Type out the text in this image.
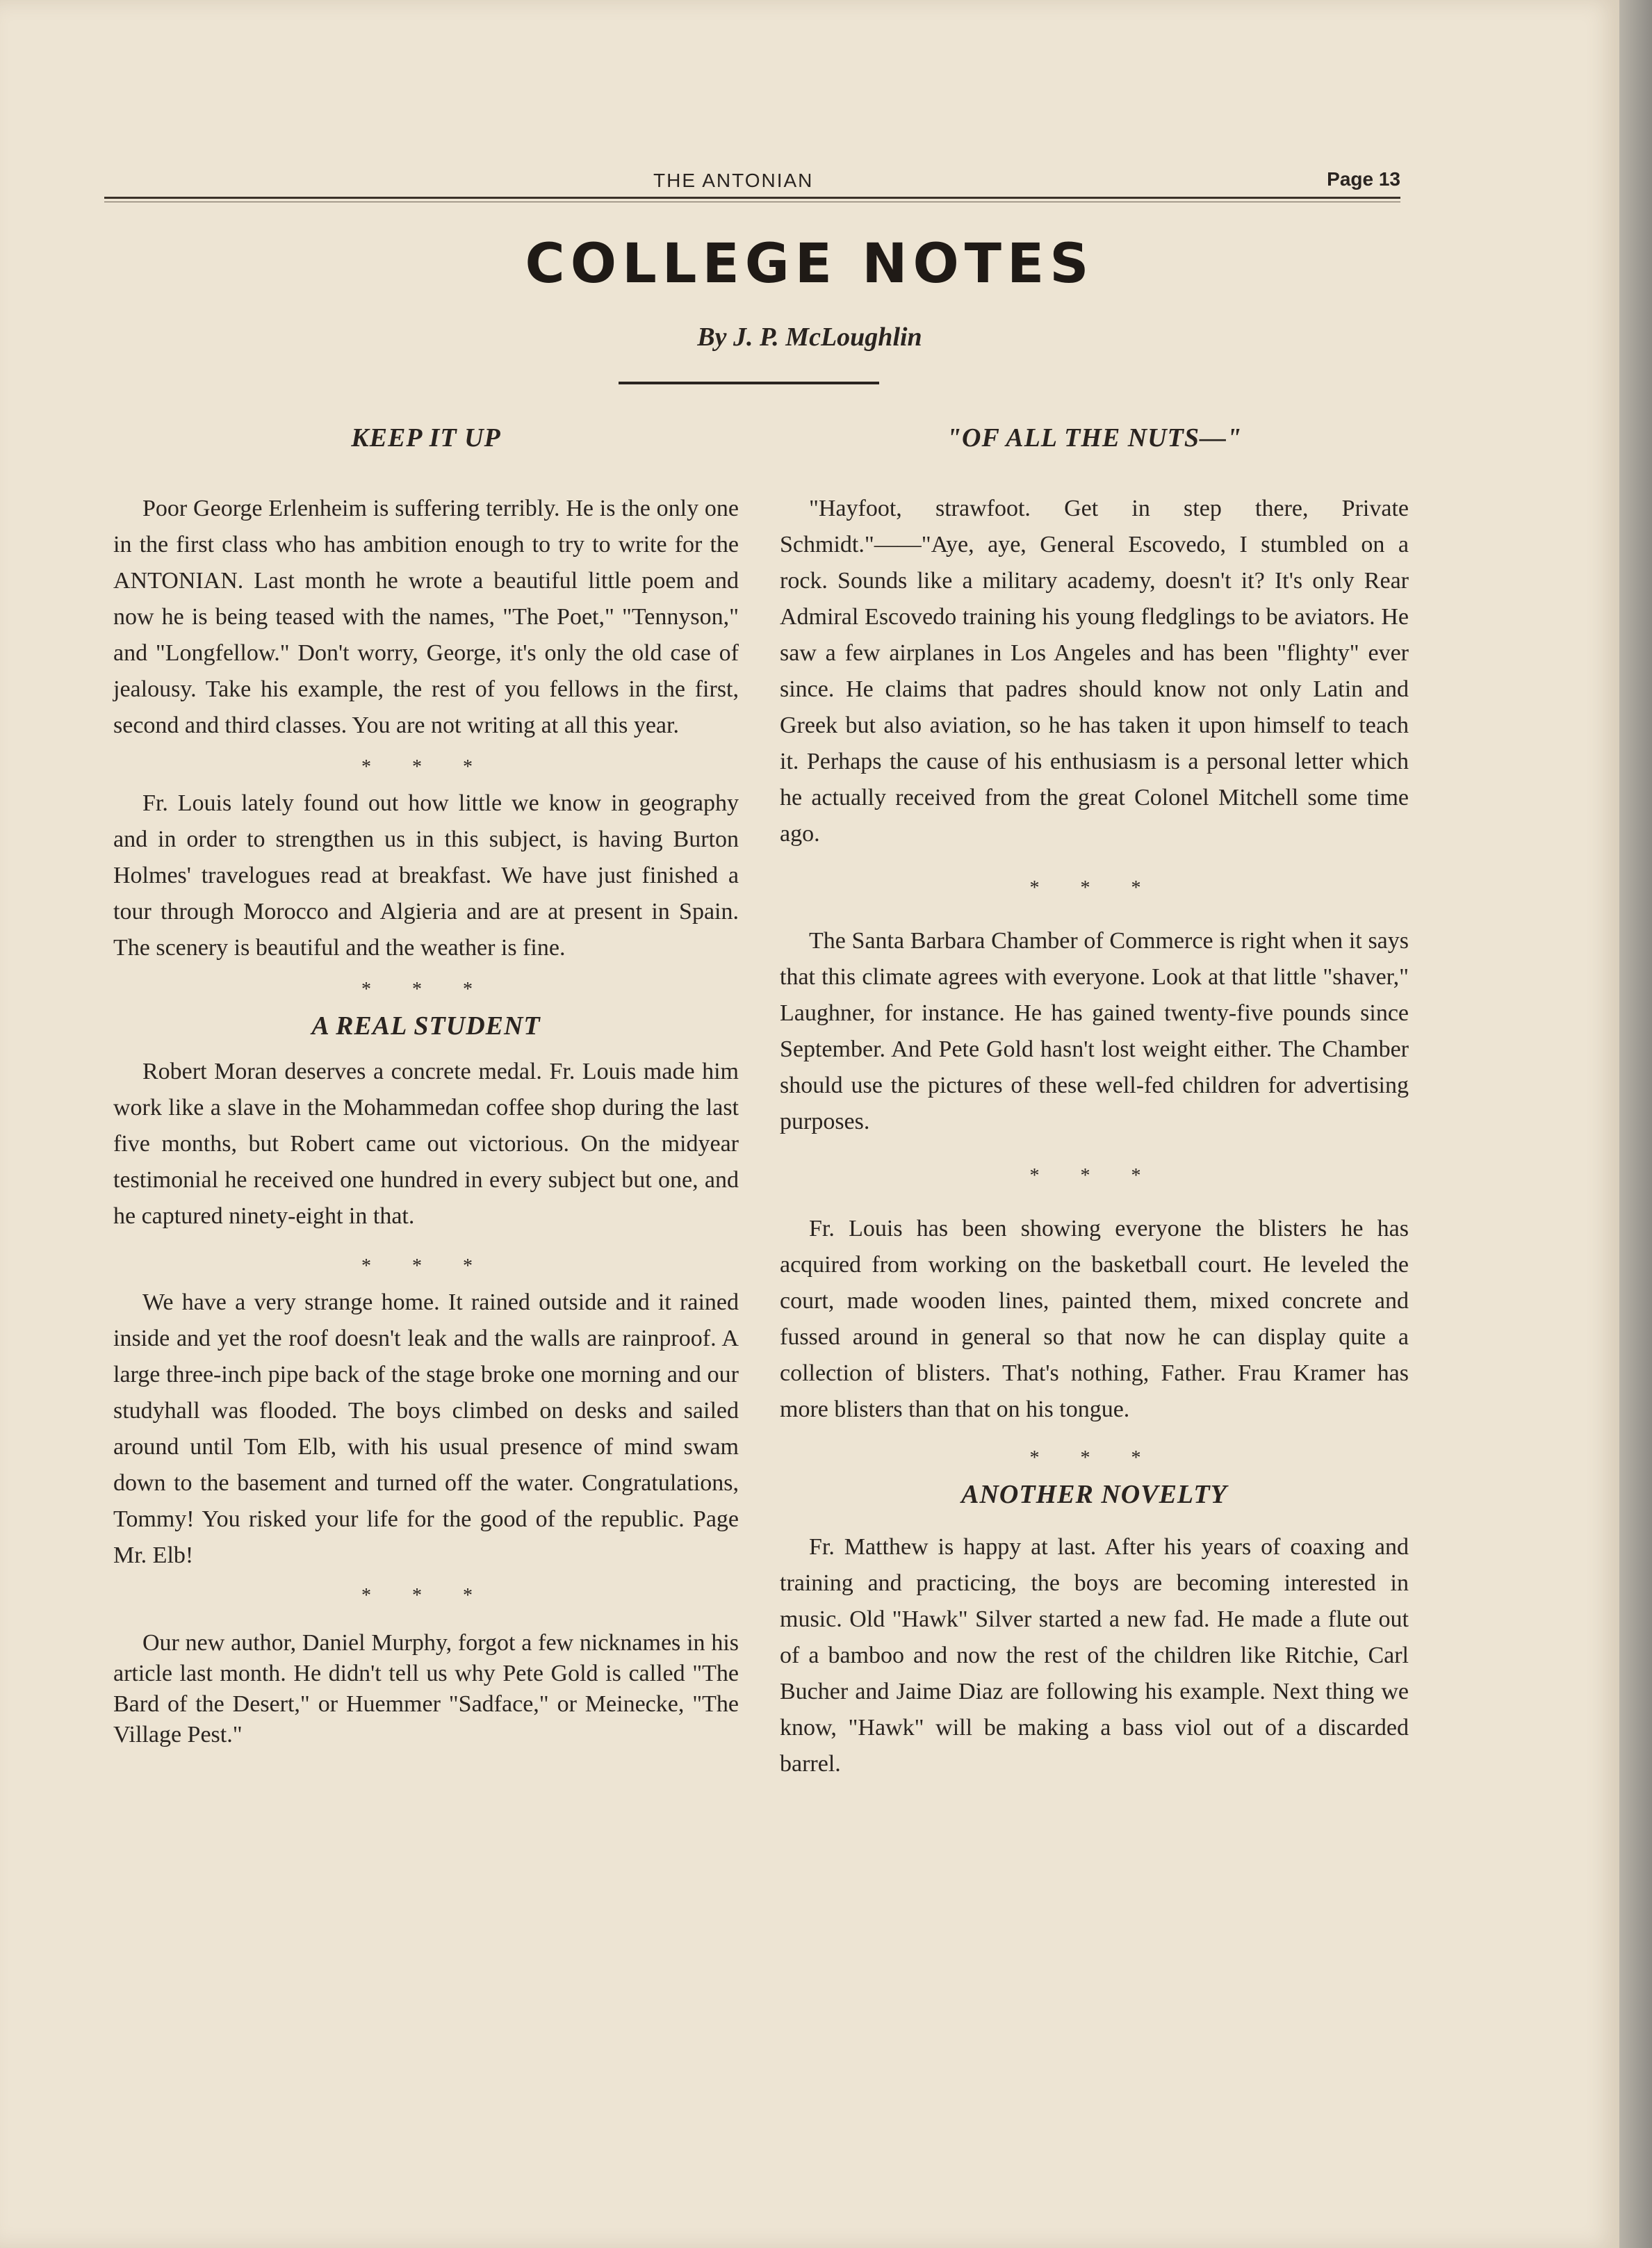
THE ANTONIAN	Page 13
COLLEGE NOTES
By J. P. McLoughlin
KEEP IT UP

Poor George Erlenheim is suffering terribly. He is the only one in the first class who has ambition enough to try to write for the ANTONIAN. Last month he wrote a beautiful little poem and now he is being teased with the names, "The Poet," "Tennyson," and "Longfellow." Don't worry, George, it's only the old case of jealousy. Take his example, the rest of you fellows in the first, second and third classes. You are not writing at all this year.

* * *

Fr. Louis lately found out how little we know in geography and in order to strengthen us in this subject, is having Burton Holmes' travelogues read at breakfast. We have just finished a tour through Morocco and Algieria and are at present in Spain. The scenery is beautiful and the weather is fine.

* * *
A REAL STUDENT

Robert Moran deserves a concrete medal. Fr. Louis made him work like a slave in the Mohammedan coffee shop during the last five months, but Robert came out victorious. On the midyear testimonial he received one hundred in every subject but one, and he captured ninety-eight in that.

* * *

We have a very strange home. It rained outside and it rained inside and yet the roof doesn't leak and the walls are rainproof. A large three-inch pipe back of the stage broke one morning and our studyhall was flooded. The boys climbed on desks and sailed around until Tom Elb, with his usual presence of mind swam down to the basement and turned off the water. Congratulations, Tommy! You risked your life for the good of the republic. Page Mr. Elb!

* * *

Our new author, Daniel Murphy, forgot a few nicknames in his article last month. He didn't tell us why Pete Gold is called "The Bard of the Desert," or Huemmer "Sadface," or Meinecke, "The Village Pest."

"OF ALL THE NUTS—"

"Hayfoot, strawfoot. Get in step there, Private Schmidt."——"Aye, aye, General Escovedo, I stumbled on a rock. Sounds like a military academy, doesn't it? It's only Rear Admiral Escovedo training his young fledglings to be aviators. He saw a few airplanes in Los Angeles and has been "flighty" ever since. He claims that padres should know not only Latin and Greek but also aviation, so he has taken it upon himself to teach it. Perhaps the cause of his enthusiasm is a personal letter which he actually received from the great Colonel Mitchell some time ago.

* * *

The Santa Barbara Chamber of Commerce is right when it says that this climate agrees with everyone. Look at that little "shaver," Laughner, for instance. He has gained twenty-five pounds since September. And Pete Gold hasn't lost weight either. The Chamber should use the pictures of these well-fed children for advertising purposes.

* * *

Fr. Louis has been showing everyone the blisters he has acquired from working on the basketball court. He leveled the court, made wooden lines, painted them, mixed concrete and fussed around in general so that now he can display quite a collection of blisters. That's nothing, Father. Frau Kramer has more blisters than that on his tongue.

* * *
ANOTHER NOVELTY

Fr. Matthew is happy at last. After his years of coaxing and training and practicing, the boys are becoming interested in music. Old "Hawk" Silver started a new fad. He made a flute out of a bamboo and now the rest of the children like Ritchie, Carl Bucher and Jaime Diaz are following his example. Next thing we know, "Hawk" will be making a bass viol out of a discarded barrel.
